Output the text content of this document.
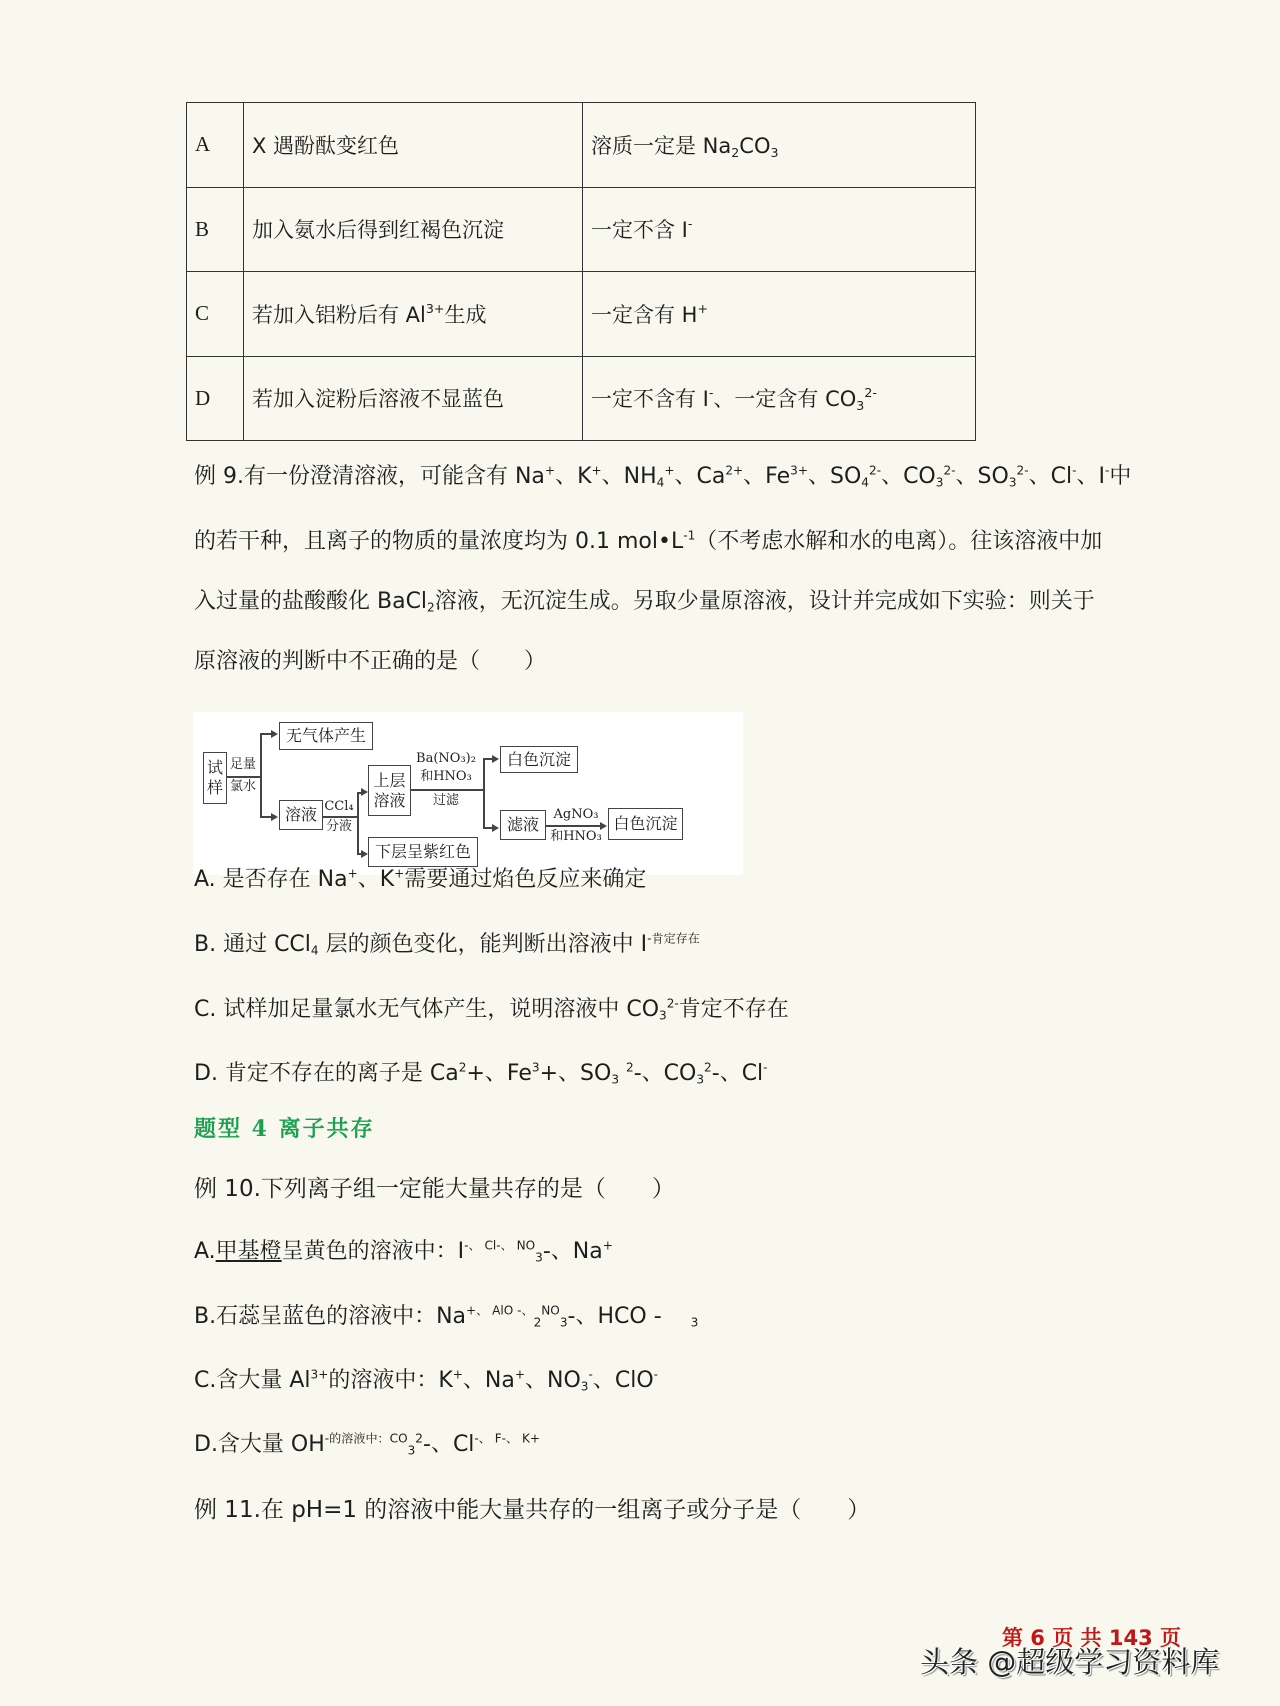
A	X 遇酚酞变红色	溶质一定是 $Na_2CO_3$
B	加入氨水后得到红褐色沉淀	一定不含 I-
C	若加入铝粉后有 $Al^{3+}$生成	一定含有 H+
D	若加入淀粉后溶液不显蓝色	一定不含有 I-、一定含有 $CO_3^{2-}$
例 9.有一份澄清溶液，可能含有 Na+、K+、$NH_4^+$、$Ca^{2+}$、$Fe^{3+}$、$SO_4^{2-}$、$CO_3^{2-}$、$SO_3^{2-}$、Cl-、I-中
的若干种，且离子的物质的量浓度均为 0.1 $mol•L^{-1}$（不考虑水解和水的电离）。往该溶液中加
入过量的盐酸酸化 BaCl$_2$溶液，无沉淀生成。另取少量原溶液，设计并完成如下实验：则关于
原溶液的判断中不正确的是（　　）
试样
足量
氯水
无气体产生
溶液 CCl₄
分液
上层溶液
下层呈紫红色
Ba(NO₃)₂
和HNO₃
过滤
白色沉淀
滤液
AgNO₃
和HNO₃
白色沉淀
A. 是否存在 Na+、K+需要通过焰色反应来确定
B. 通过 CCl$_4$ 层的颜色变化，能判断出溶液中 $I^{-肯定存在}$
C. 试样加足量氯水无气体产生，说明溶液中 $CO_3^{2-}$肯定不存在
D. 肯定不存在的离子是 $Ca^2+$、$Fe^3+$、$SO_3$ $^2$-、$CO_3^2-$、Cl-
题型 4 离子共存
例 10.下列离子组一定能大量共存的是（　　）
A.甲基橙呈黄色的溶液中：$I^{-、 Cl-、 NO}_3-$、Na+
B.石蕊呈蓝色的溶液中：$Na^{+、 AlO -、}_2^{NO}_3-$、HCO -　 $_3$
C.含大量 $Al^{3+}$的溶液中：K+、Na+、$NO_3^-$、ClO-
D.含大量 $OH^{-的溶液中:CO}_3^2-$、$Cl^{-、 F-、 K+}$
例 11.在 pH=1 的溶液中能大量共存的一组离子或分子是（　　）
第 6 页 共 143 页
头条 @超级学习资料库
